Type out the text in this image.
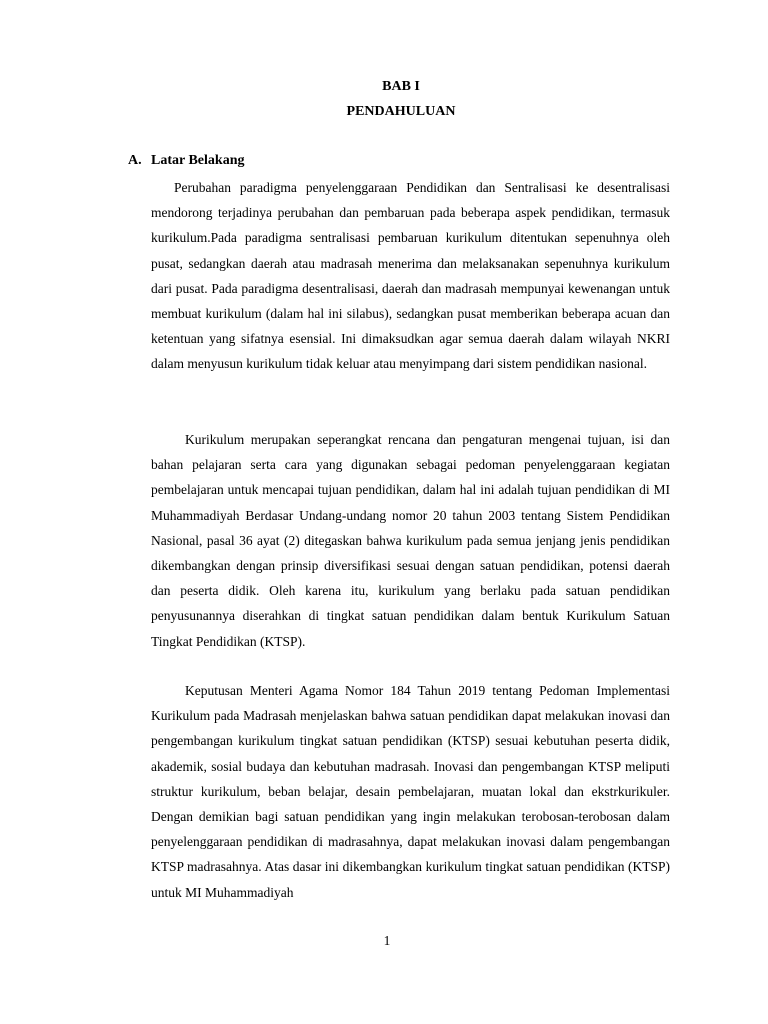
BAB I
PENDAHULUAN
A. Latar Belakang

Perubahan paradigma penyelenggaraan Pendidikan dan Sentralisasi ke desentralisasi mendorong terjadinya perubahan dan pembaruan pada beberapa aspek pendidikan, termasuk kurikulum.Pada paradigma sentralisasi pembaruan kurikulum ditentukan sepenuhnya oleh pusat, sedangkan daerah atau madrasah menerima dan melaksanakan sepenuhnya kurikulum dari pusat. Pada paradigma desentralisasi, daerah dan madrasah mempunyai kewenangan untuk membuat kurikulum (dalam hal ini silabus), sedangkan pusat memberikan beberapa acuan dan ketentuan yang sifatnya esensial. Ini dimaksudkan agar semua daerah dalam wilayah NKRI dalam menyusun kurikulum tidak keluar atau menyimpang dari sistem pendidikan nasional.

Kurikulum merupakan seperangkat rencana dan pengaturan mengenai tujuan, isi dan bahan pelajaran serta cara yang digunakan sebagai pedoman penyelenggaraan kegiatan pembelajaran untuk mencapai tujuan pendidikan, dalam hal ini adalah tujuan pendidikan di MI Muhammadiyah Berdasar Undang-undang nomor 20 tahun 2003 tentang Sistem Pendidikan Nasional, pasal 36 ayat (2) ditegaskan bahwa kurikulum pada semua jenjang jenis pendidikan dikembangkan dengan prinsip diversifikasi sesuai dengan satuan pendidikan, potensi daerah dan peserta didik. Oleh karena itu, kurikulum yang berlaku pada satuan pendidikan penyusunannya diserahkan di tingkat satuan pendidikan dalam bentuk Kurikulum Satuan Tingkat Pendidikan (KTSP).

Keputusan Menteri Agama Nomor 184 Tahun 2019 tentang Pedoman Implementasi Kurikulum pada Madrasah menjelaskan bahwa satuan pendidikan dapat melakukan inovasi dan pengembangan kurikulum tingkat satuan pendidikan (KTSP) sesuai kebutuhan peserta didik, akademik, sosial budaya dan kebutuhan madrasah. Inovasi dan pengembangan KTSP meliputi struktur kurikulum, beban belajar, desain pembelajaran, muatan lokal dan ekstrkurikuler. Dengan demikian bagi satuan pendidikan yang ingin melakukan terobosan-terobosan dalam penyelenggaraan pendidikan di madrasahnya, dapat melakukan inovasi dalam pengembangan KTSP madrasahnya. Atas dasar ini dikembangkan kurikulum tingkat satuan pendidikan (KTSP) untuk MI Muhammadiyah

1
